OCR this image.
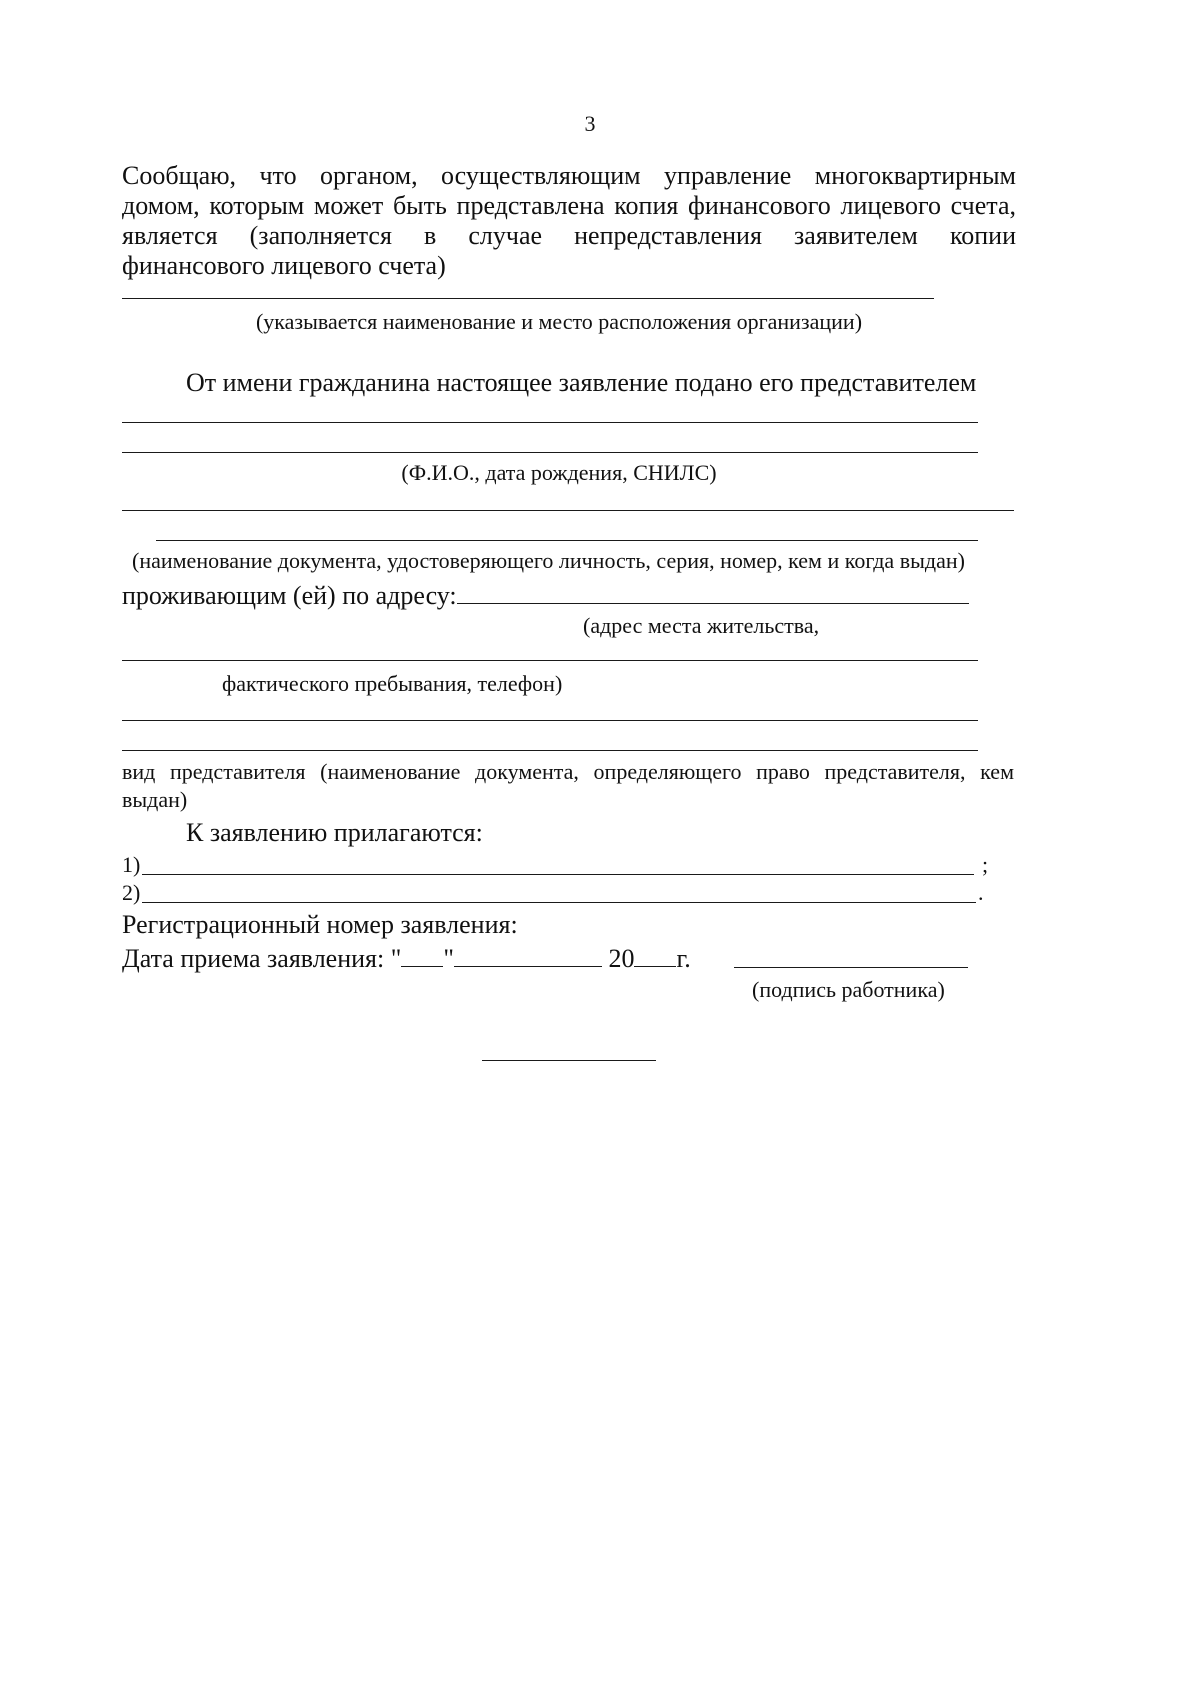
3
Сообщаю, что органом, осуществляющим управление многоквартирным
домом, которым может быть представлена копия финансового лицевого счета,
является (заполняется в случае непредставления заявителем копии
финансового лицевого счета)
(указывается наименование и место расположения организации)
От имени гражданина настоящее заявление подано его представителем
(Ф.И.О., дата рождения, СНИЛС)
(наименование документа, удостоверяющего личность, серия, номер, кем и когда выдан)
проживающим (ей) по адресу:
(адрес места жительства,
фактического пребывания, телефон)
вид представителя (наименование документа, определяющего право представителя, кем
выдан)
К заявлению прилагаются:
1)	;
2)	.
Регистрационный номер заявления:
Дата приема заявления: " "	20 г.
(подпись работника)
